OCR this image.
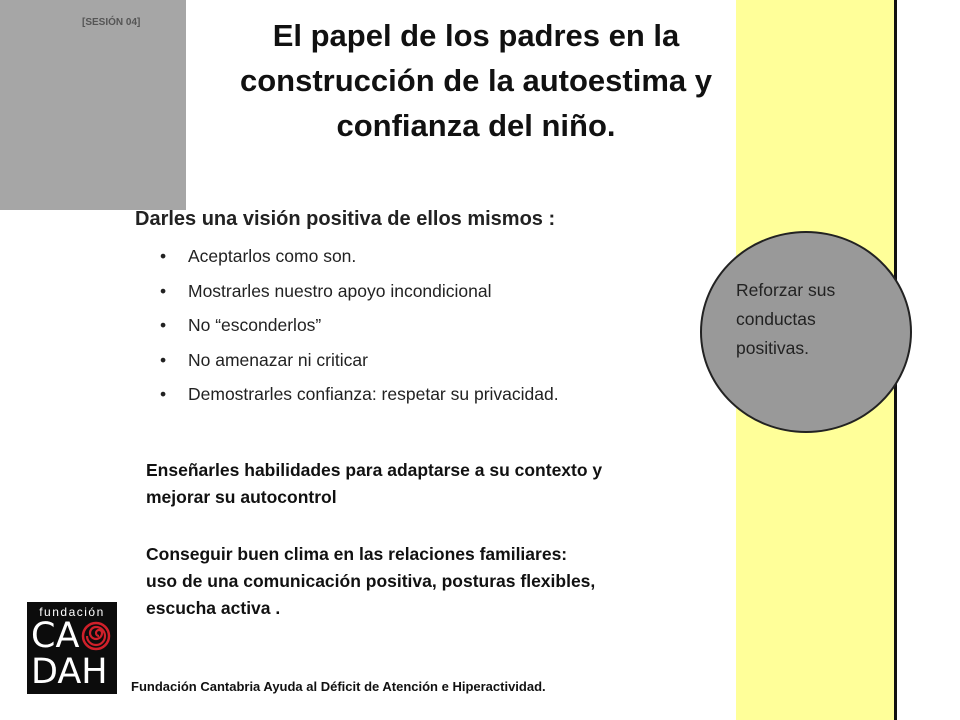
[SESIÓN 04]	El papel de los padres en la construcción de la autoestima y confianza del niño.
Darles una visión positiva de ellos mismos :
• Aceptarlos como son.
• Mostrarles nuestro apoyo incondicional
• No “esconderlos”
• No amenazar ni criticar
• Demostrarles confianza: respetar su privacidad.
Reforzar sus
conductas
positivas.
Enseñarles habilidades para adaptarse a su contexto y
mejorar su autocontrol
Conseguir buen clima en las relaciones familiares:
uso de una comunicación positiva, posturas flexibles,
escucha activa .
fundación
CA
DAH Fundación Cantabria Ayuda al Déficit de Atención e Hiperactividad.
